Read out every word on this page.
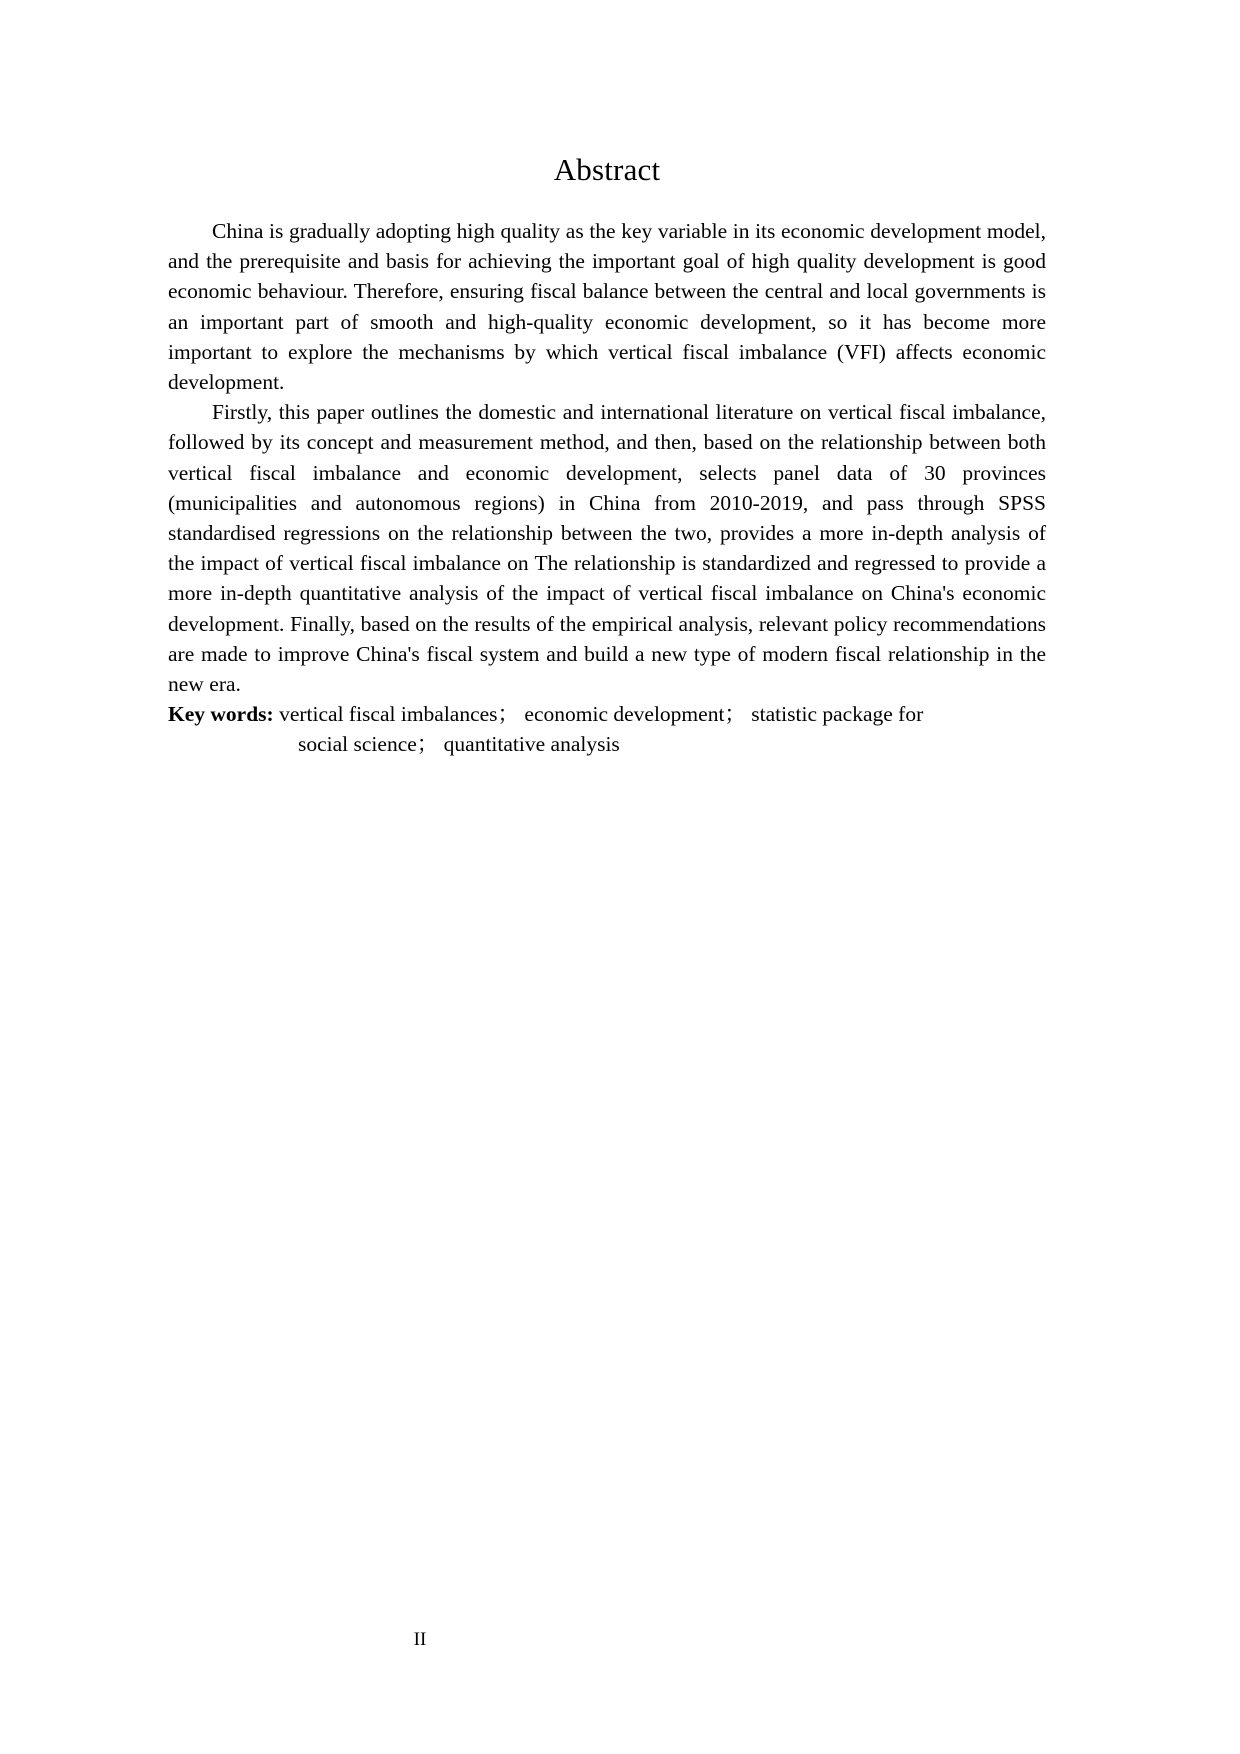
Abstract

China is gradually adopting high quality as the key variable in its economic development model, and the prerequisite and basis for achieving the important goal of high quality development is good economic behaviour. Therefore, ensuring fiscal balance between the central and local governments is an important part of smooth and high-quality economic development, so it has become more important to explore the mechanisms by which vertical fiscal imbalance (VFI) affects economic development.

Firstly, this paper outlines the domestic and international literature on vertical fiscal imbalance, followed by its concept and measurement method, and then, based on the relationship between both vertical fiscal imbalance and economic development, selects panel data of 30 provinces (municipalities and autonomous regions) in China from 2010-2019, and pass through SPSS standardised regressions on the relationship between the two, provides a more in-depth analysis of the impact of vertical fiscal imbalance on The relationship is standardized and regressed to provide a more in-depth quantitative analysis of the impact of vertical fiscal imbalance on China's economic development. Finally, based on the results of the empirical analysis, relevant policy recommendations are made to improve China's fiscal system and build a new type of modern fiscal relationship in the new era.

Key words: vertical fiscal imbalances； economic development； statistic package for
social science； quantitative analysis
II
